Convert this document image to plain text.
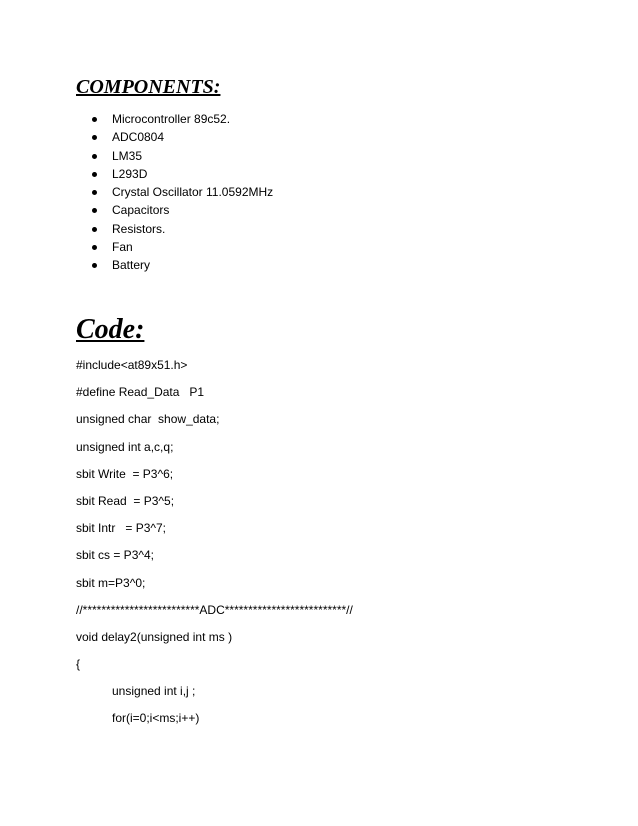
COMPONENTS:
Microcontroller 89c52.
ADC0804
LM35
L293D
Crystal Oscillator 11.0592MHz
Capacitors
Resistors.
Fan
Battery
Code:
#include<at89x51.h>
#define Read_Data   P1
unsigned char  show_data;
unsigned int a,c,q;
sbit Write  = P3^6;
sbit Read  = P3^5;
sbit Intr   = P3^7;
sbit cs = P3^4;
sbit m=P3^0;
//*************************ADC**************************//
void delay2(unsigned int ms )
{
unsigned int i,j ;
for(i=0;i<ms;i++)
